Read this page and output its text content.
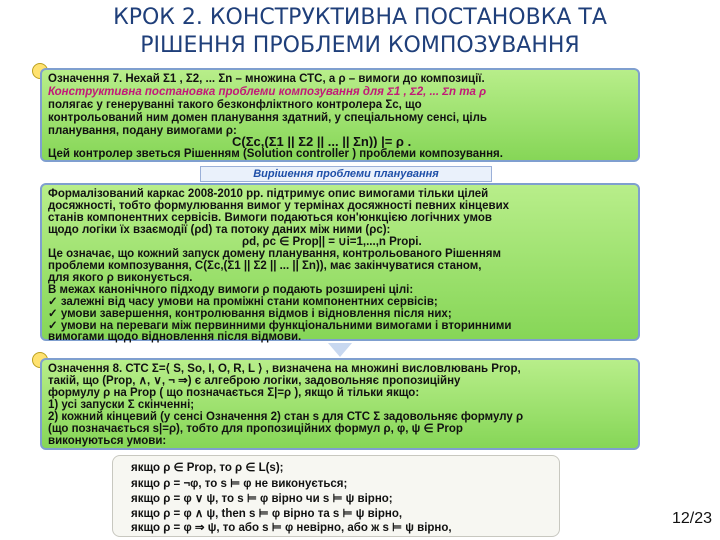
КРОК 2. КОНСТРУКТИВНА ПОСТАНОВКА ТА
РІШЕННЯ ПРОБЛЕМИ КОМПОЗУВАННЯ
Означення 7. Нехай Σ1 , Σ2, ... Σn – множина СТС, а ρ – вимоги до композиції.
Конструктивна постановка проблеми композування для Σ1 , Σ2, ... Σn та ρ
полягає у генеруванні такого безконфліктного контролера Σc, що
контрольований ним домен планування здатний, у спеціальному сенсі, ціль
планування, подану вимогами ρ:
C(Σc,(Σ1 || Σ2 || ... || Σn)) |= ρ .
Цей контролер зветься Рішенням (Solution controller ) проблеми композування.
Вирішення проблеми планування
Формалізований каркас 2008-2010 рр. підтримує опис вимогами тільки цілей
досяжності, тобто формулювання вимог у термінах досяжності певних кінцевих
станів компонентних сервісів. Вимоги подаються кон'юнкцією логічних умов
щодо логіки їх взаємодії (ρd) та потоку даних між ними (ρc):
ρd, ρc ∈ Prop|| = ∪i=1,...,n Propi.
Це означає, що кожний запуск домену планування, контрольованого Рішенням
проблеми композування, C(Σc,(Σ1 || Σ2 || ... || Σn)), має закінчуватися станом,
для якого ρ виконується.
В межах канонічного підходу вимоги ρ подають розширені цілі:
✓ залежні від часу умови на проміжні стани компонентних сервісів;
✓ умови завершення, контролювання відмов і відновлення після них;
✓ умови на переваги між первинними функціональними вимогами і вторинними
вимогами щодо відновлення після відмови.
Означення 8. СТС Σ=⟨ S, So, I, O, R, L ⟩ , визначена на множині висловлювань Prop,
такій, що (Prop, ∧, ∨, ¬ ⇒) є алгеброю логіки, задовольняє пропозиційну
формулу ρ на Prop ( що позначається Σ|=ρ ), якщо й тільки якщо:
1) усі запуски Σ скінченні;
2) кожний кінцевий (у сенсі Означення 2) стан s для СТС Σ задовольняє формулу ρ
(що позначається s|=ρ), тобто для пропозиційних формул ρ, φ, ψ ∈ Prop
виконуються умови:
якщо ρ ∈ Prop, то ρ ∈ L(s);
якщо ρ = ¬φ, то s ⊨ φ не виконується;
якщо ρ = φ ∨ ψ, то s ⊨ φ вірно чи s ⊨ ψ вірно;
якщо ρ = φ ∧ ψ, then s ⊨ φ вірно та s ⊨ ψ вірно,
якщо ρ = φ ⇒ ψ, то або s ⊨ φ невірно, або ж s ⊨ ψ вірно,
12/23
